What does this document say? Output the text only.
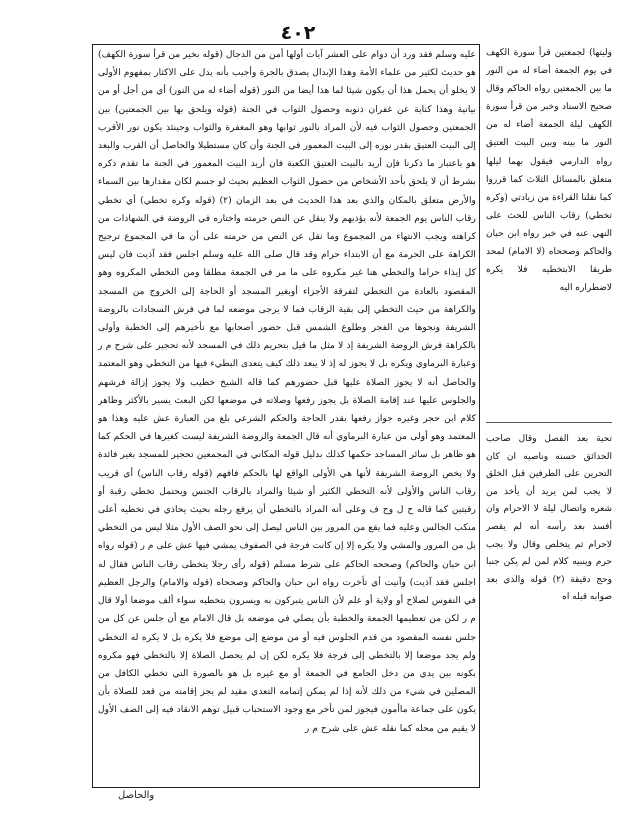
٤٠٢

عليه وسلم فقد ورد أن دوام على العشر آيات أولها أمن من الدجال (قوله بخير من قرأ سورة الكهف) هو حديث لكثير من علماء الأمة وهذا الإبدال يصدق بالجرة وأجيب بأنه يدل على الاكثار بمفهوم الأولى لا يخلو أن يحمل هذا أن يكون شيئا لما هذا أيضا من النور (قوله أضاء له من النور) أي من أجل أو من بيانية وهذا كناية عن غفران ذنوبه وحصول الثواب في الجنة (قوله ويلحق بها بين الجمعتين) بين الجمعتين وحصول الثواب فيه لأن المراد بالنور ثوابها وهو المغفرة والثواب وحينئذ يكون نور الأقرب إلى البيت العتيق بقدر نوره إلى البيت المعمور في الجنة وأن كان مستطيلا والحاصل أن القرب والبعد هو باعتبار ما ذكرنا فإن أريد بالبيت العتيق الكعبة فان أريد البيت المعمور في الجنة ما تقدم ذكره بشرط أن لا يلحق بأحد الأشخاص من حصول الثواب العظيم بحيث لو جسم لكان مقدارها بين السماء والأرض متعلق بالمكان والذي بعد هذا الحديث في بعد الزمان (٢) (قوله وكره تخطي) أي تخطي رقاب الناس يوم الجمعة لأنه يؤذيهم ولا ينقل عن النص حرمته واختاره في الروضة في الشهادات من كراهته ويجب الانتهاء من المجموع وما نقل عن النص من حرمته على أن ما في المجموع ترجيح الكراهة على الحرمة مع أن الابتداء حرام وقد قال صلى الله عليه وسلم اجلس فقد آذيت فان ليس كل إيذاء حراما والتخطي هنا غير مكروه على ما مر في الجمعة مطلقا ومن التخطي المكروه وهو المقصود بالعادة من التخطي لتفرقة الأجزاء أوبغير المسجد أو الحاجة إلى الخروج من المسجد والكراهة من حيث التخطي إلى بقية الرقاب فما لا يرجى موضعه لما في فرش السجادات بالروضة الشريفة ونحوها من الفجر وطلوع الشمس قبل حضور أصحابها مع تأخيرهم إلى الخطبة وأولى بالكراهة فرش الروضة الشريفة إذ لا مثل ما قيل بتحريم ذلك في المسجد لأنه تحجير على شرح م ر وعبارة البرماوي ويكره بل لا يجوز له إذ لا يبعد ذلك كيف يتعدى البطيء فيها من التخطي وهو المعتمد والحاصل أنه لا يجوز الصلاة عليها قبل حضورهم كما قاله الشيخ خطيب ولا يجوز إزالة فرشهم والجلوس عليها عند إقامة الصلاة بل يجوز رفعها وصلاته في موضعها لكن البعث يسير بالأكثر وظاهر كلام ابن حجر وغيره جواز رفعها بقدر الحاجة والحكم الشرعي بلغ من العبارة عش عليه وهذا هو المعتمد وهو أولى من عبارة البرماوي أنه قال الجمعة والروضة الشريفة ليست كغيرها في الحكم كما هو ظاهر بل سائر المساجد حكمها كذلك بدليل قوله المكاني في المجمعين تحجير للمسجد بغير فائدة ولا يخص الروضة الشريفة لأنها هي الأولى الواقع لها بالحكم فافهم (قوله رقاب الناس) أي قريب رقاب الناس والأولى لأنه التخطي الكثير أو شيئا والمراد بالرقاب الجنس ويحتمل تخطي رقبة أو رقبتين كما قاله ح ل وح ف وعلى أنه المراد بالتخطي أن يرفع رجله بحيث يحاذي في تخطيه أعلى منكب الجالس وعليه فما يقع من المرور بين الناس ليصل إلى نحو الصف الأول مثلا ليس من التخطي بل من المرور والمشي ولا يكره إلا إن كانت فرجة في الصفوف يمشي فيها عش على م ر (قوله رواه ابن حبان والحاكم) وصححه الحاكم على شرط مسلم (قوله رأى رجلا يتخطى رقاب الناس فقال له اجلس فقد آذيت) وآنيت أي تأخرت رواه ابن حبان والحاكم وصححاه (قوله والامام) والرجل العظيم في النفوس لصلاح أو ولاية أو علم لأن الناس يتبركون به ويسرون بتخطيه سواء ألف موضعا أولا قال م ر لكن من تعظيمها الجمعة والخطبة بأن يصلي في موضعه بل قال الامام مع أن جلس عن كل من جلس نفسه المقصود من قدم الجلوس فيه أو من موضع إلى موضع فلا يكره بل لا يكره له التخطي ولم يجد موضعا إلا بالتخطي إلى فرجة فلا يكره لكن إن لم يحصل الصلاة إلا بالتخطي فهو مكروه بكونه بين يدي من دخل الجامع في الجمعة أو مع غيره بل هو بالصورة التي تخطي الكافل من المصلين في شيء من ذلك لأنه إذا لم يمكن إتمامه التعدي مقيد لم يجز إقامته من قعد للصلاة بأن يكون على جماعة ماأمون فيجوز لمن تأخر مع وجود الاستحباب قبيل توهم الانقاد فيه إلى الصف الأول لا يقيم من محله كما نقله عش على شرح م ر

وليتها) لجمعتين قرأ سورة الكهف في يوم الجمعة أضاء له من النور ما بين الجمعتين رواه الحاكم وقال صحيح الاسناد وخبر من قرأ سورة الكهف ليلة الجمعة أضاء له من النور ما بينه وبين البيت العتيق رواه الدارمي فيقول بهما ليلها متعلق بالمسائل الثلاث كما قرروا كما نقلنا القراءة من زيادتي (وكره تخطي) رقاب الناس للحث على النهي عنه في خبر رواه ابن حبان والحاكم وصححاه (لا الامام) لمحد طريقا الابتخطيه فلا يكره لاضطراره اليه

تحية بعد الفصل وقال صاحب الحدائق حسنه وناصيه ان كان التحرين على الطرفين قبل الخلق لا يجب لمن يريد أن يأخذ من شعره واتصال ليلة لا الاحرام وان أفسد بعد رأسه أنه لم يقصر لاحرام ثم يتخلص وقال ولا يجب حرم وينبيه كلام لمن لم يكن جنبا وحج دقيقة (٢) قوله والذي بعد صوابه قبله اه

والحاصل
